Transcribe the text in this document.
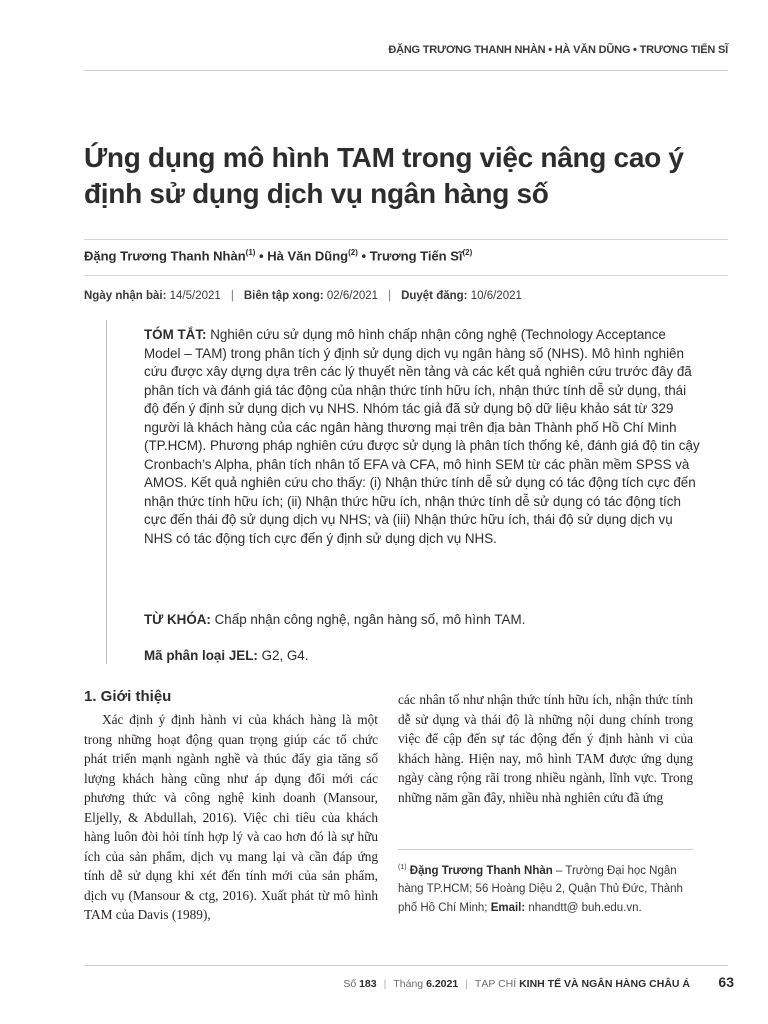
ĐẶNG TRƯƠNG THANH NHÀN • HÀ VĂN DŨNG • TRƯƠNG TIẾN SĨ
Ứng dụng mô hình TAM trong việc nâng cao ý định sử dụng dịch vụ ngân hàng số
Đặng Trương Thanh Nhàn$^{(1)}$ • Hà Văn Dũng$^{(2)}$ • Trương Tiến $Sĩ^{(2)}$
Ngày nhận bài: 14/5/2021 | Biên tập xong: 02/6/2021 | Duyệt đăng: 10/6/2021

TÓM TẮT: Nghiên cứu sử dụng mô hình chấp nhận công nghệ (Technology Acceptance Model – TAM) trong phân tích ý định sử dụng dịch vụ ngân hàng số (NHS). Mô hình nghiên cứu được xây dựng dựa trên các lý thuyết nền tảng và các kết quả nghiên cứu trước đây đã phân tích và đánh giá tác động của nhận thức tính hữu ích, nhận thức tính dễ sử dụng, thái độ đến ý định sử dụng dịch vụ NHS. Nhóm tác giả đã sử dụng bộ dữ liệu khảo sát từ 329 người là khách hàng của các ngân hàng thương mại trên địa bàn Thành phố Hồ Chí Minh (TP.HCM). Phương pháp nghiên cứu được sử dụng là phân tích thống kê, đánh giá độ tin cậy Cronbach’s Alpha, phân tích nhân tố EFA và CFA, mô hình SEM từ các phần mềm SPSS và AMOS. Kết quả nghiên cứu cho thấy: (i) Nhận thức tính dễ sử dụng có tác động tích cực đến nhận thức tính hữu ích; (ii) Nhận thức hữu ích, nhận thức tính dễ sử dụng có tác động tích cực đến thái độ sử dụng dịch vụ NHS; và (iii) Nhận thức hữu ích, thái độ sử dụng dịch vụ NHS có tác động tích cực đến ý định sử dụng dịch vụ NHS.

TỪ KHÓA: Chấp nhận công nghệ, ngân hàng số, mô hình TAM.

Mã phân loại JEL: G2, G4.

1. Giới thiệu

Xác định ý định hành vi của khách hàng là một trong những hoạt động quan trọng giúp các tổ chức phát triển mạnh ngành nghề và thúc đẩy gia tăng số lượng khách hàng cũng như áp dụng đổi mới các phương thức và công nghệ kinh doanh (Mansour, Eljelly, & Abdullah, 2016). Việc chi tiêu của khách hàng luôn đòi hỏi tính hợp lý và cao hơn đó là sự hữu ích của sản phẩm, dịch vụ mang lại và cần đáp ứng tính dễ sử dụng khi xét đến tính mới của sản phẩm, dịch vụ (Mansour & ctg, 2016). Xuất phát từ mô hình TAM của Davis (1989),

các nhân tố như nhận thức tính hữu ích, nhận thức tính dễ sử dụng và thái độ là những nội dung chính trong việc để cập đến sự tác động đến ý định hành vi của khách hàng. Hiện nay, mô hình TAM được ứng dụng ngày càng rộng rãi trong nhiều ngành, lĩnh vực. Trong những năm gần đây, nhiều nhà nghiên cứu đã ứng

$^{(1)}$ Đặng Trương Thanh Nhàn – Trường Đại học Ngân hàng TP.HCM; 56 Hoàng Diệu 2, Quận Thủ Đức, Thành phố Hồ Chí Minh; Email: nhandtt@ buh.edu.vn.

Số 183 | Tháng 6.2021 | TẠP CHÍ KINH TẾ VÀ NGÂN HÀNG CHÂU Á 63
